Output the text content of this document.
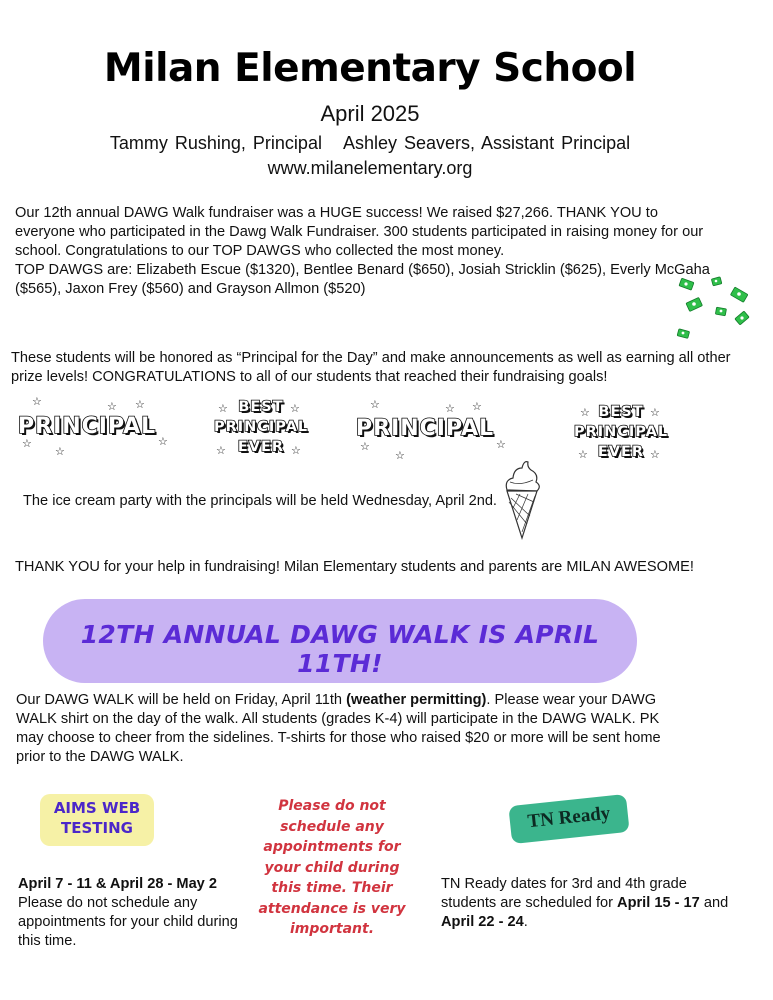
Milan Elementary School
April 2025
Tammy Rushing, Principal Ashley Seavers, Assistant Principal
www.milanelementary.org
Our 12th annual DAWG Walk fundraiser was a HUGE success! We raised $27,266. THANK YOU to everyone who participated in the Dawg Walk Fundraiser. 300 students participated in raising money for our school. Congratulations to our TOP DAWGS who collected the most money.
TOP DAWGS are: Elizabeth Escue ($1320), Bentlee Benard ($650), Josiah Stricklin ($625), Everly McGaha ($565), Jaxon Frey ($560) and Grayson Allmon ($520)
These students will be honored as “Principal for the Day” and make announcements as well as earning all other prize levels! CONGRATULATIONS to all of our students that reached their fundraising goals!
PRINCIPAL
☆	☆ ☆
☆
☆
☆
BEST
PRINCIPAL
EVER
☆	☆
☆	☆
PRINCIPAL
☆	☆ ☆
☆
☆
☆
BEST
PRINCIPAL
EVER
☆	☆
☆	☆
The ice cream party with the principals will be held Wednesday, April 2nd.
THANK YOU for your help in fundraising! Milan Elementary students and parents are MILAN AWESOME!
12TH ANNUAL DAWG WALK IS APRIL 11TH!
Our DAWG WALK will be held on Friday, April 11th (weather permitting). Please wear your DAWG WALK shirt on the day of the walk. All students (grades K-4) will participate in the DAWG WALK. PK may choose to cheer from the sidelines. T-shirts for those who raised $20 or more will be sent home prior to the DAWG WALK.
AIMS WEB
TESTING
April 7 - 11 & April 28 - May 2
Please do not schedule any appointments for your child during this time.
Please do not schedule any appointments for your child during this time. Their attendance is very important.
TN Ready
TN Ready dates for 3rd and 4th grade students are scheduled for April 15 - 17 and April 22 - 24.
